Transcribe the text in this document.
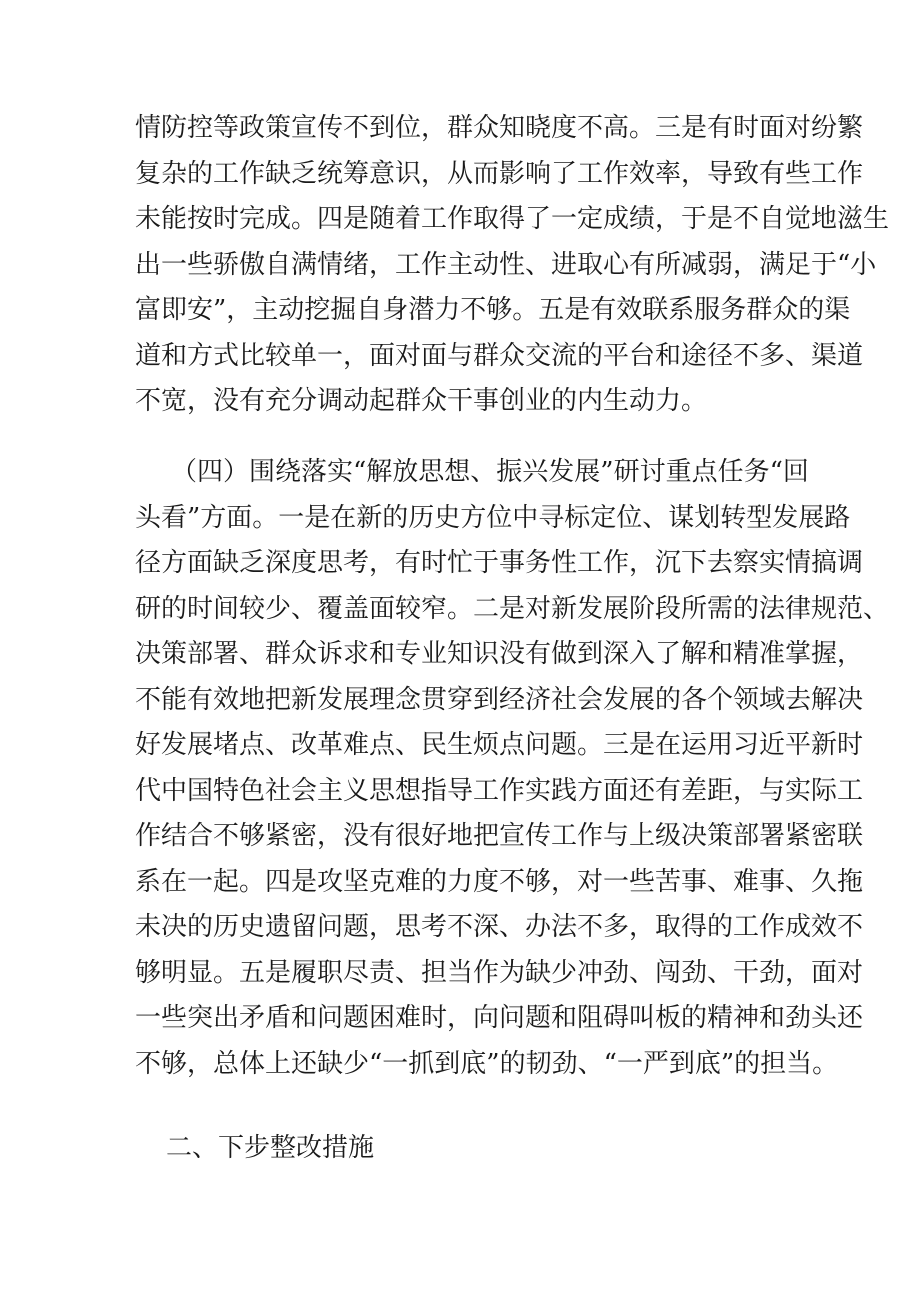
情防控等政策宣传不到位，群众知晓度不高。三是有时面对纷繁
复杂的工作缺乏统筹意识，从而影响了工作效率，导致有些工作
未能按时完成。四是随着工作取得了一定成绩，于是不自觉地滋生
出一些骄傲自满情绪，工作主动性、进取心有所减弱，满足于“小
富即安”，主动挖掘自身潜力不够。五是有效联系服务群众的渠
道和方式比较单一，面对面与群众交流的平台和途径不多、渠道
不宽，没有充分调动起群众干事创业的内生动力。
（四）围绕落实“解放思想、振兴发展”研讨重点任务“回
头看”方面。一是在新的历史方位中寻标定位、谋划转型发展路
径方面缺乏深度思考，有时忙于事务性工作，沉下去察实情搞调
研的时间较少、覆盖面较窄。二是对新发展阶段所需的法律规范、
决策部署、群众诉求和专业知识没有做到深入了解和精准掌握，
不能有效地把新发展理念贯穿到经济社会发展的各个领域去解决
好发展堵点、改革难点、民生烦点问题。三是在运用习近平新时
代中国特色社会主义思想指导工作实践方面还有差距，与实际工
作结合不够紧密，没有很好地把宣传工作与上级决策部署紧密联
系在一起。四是攻坚克难的力度不够，对一些苦事、难事、久拖
未决的历史遗留问题，思考不深、办法不多，取得的工作成效不
够明显。五是履职尽责、担当作为缺少冲劲、闯劲、干劲，面对
一些突出矛盾和问题困难时，向问题和阻碍叫板的精神和劲头还
不够，总体上还缺少“一抓到底”的韧劲、“一严到底”的担当。
二、下步整改措施
